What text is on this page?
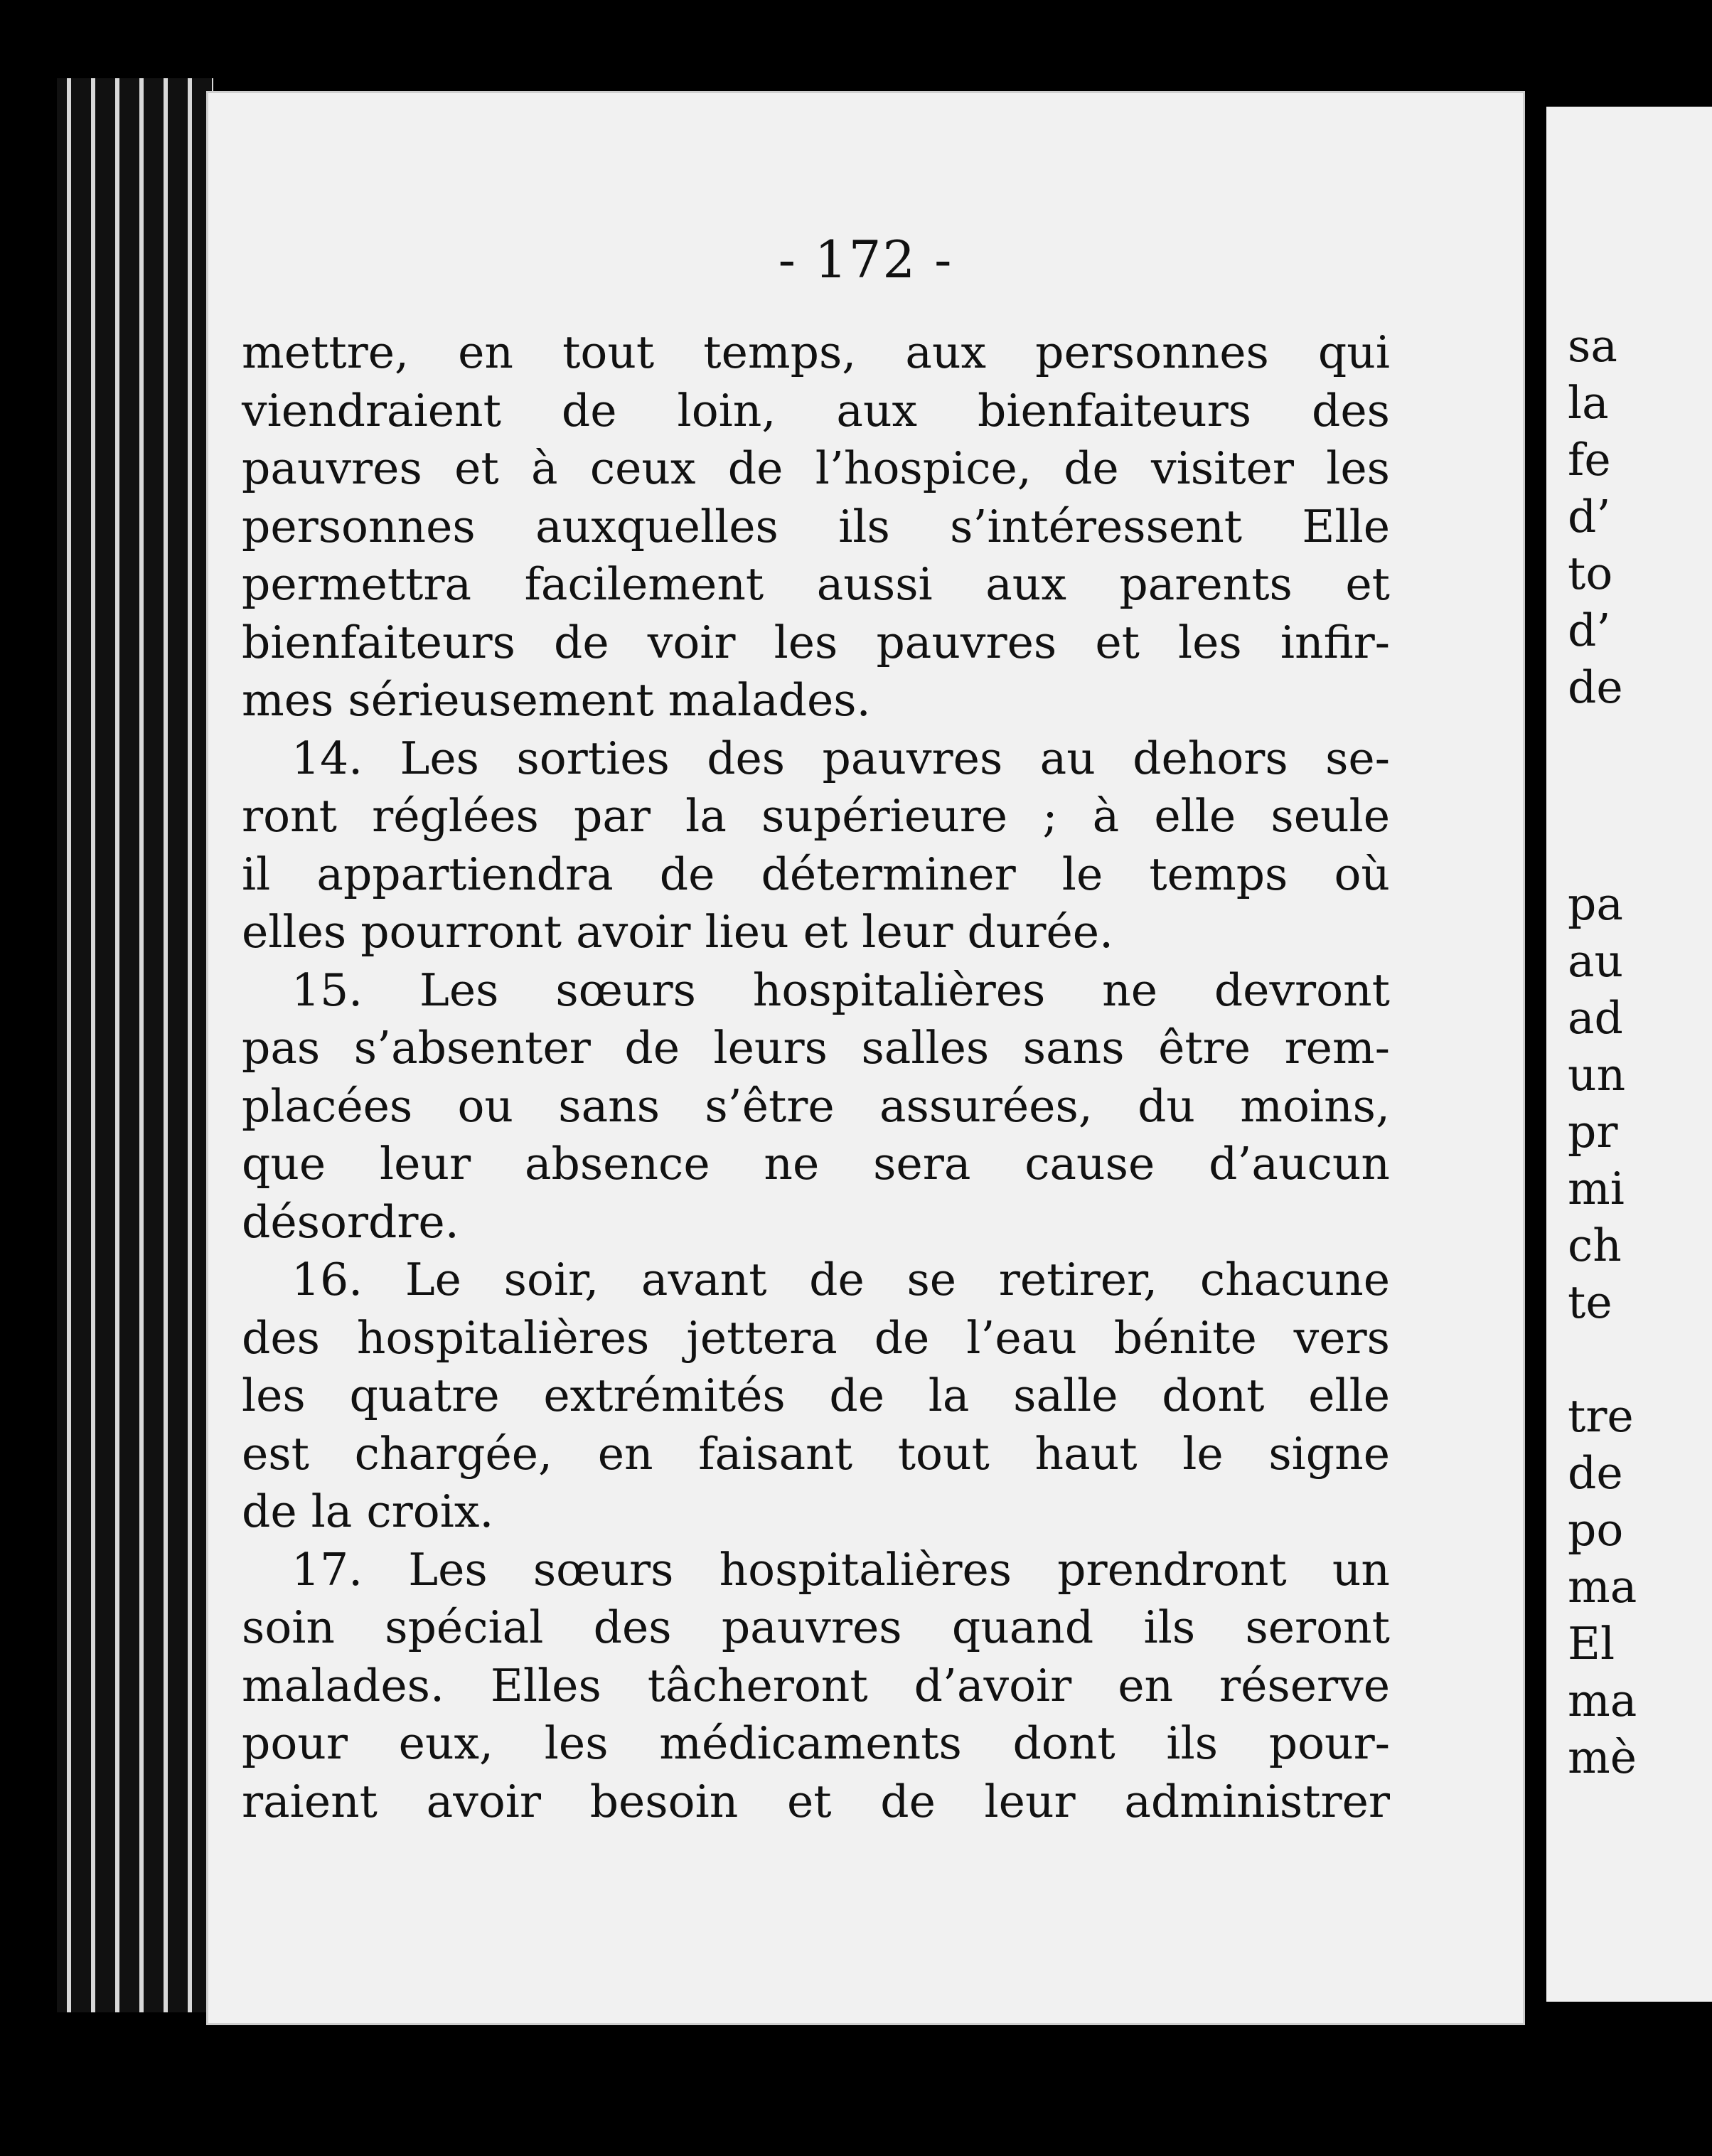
- 172 -
mettre, en tout temps, aux personnes qui
viendraient de loin, aux bienfaiteurs des
pauvres et à ceux de l’hospice, de visiter les
personnes auxquelles ils s’intéressent Elle
permettra facilement aussi aux parents et
bienfaiteurs de voir les pauvres et les infir-
mes sérieusement malades.
14. Les sorties des pauvres au dehors se-
ront réglées par la supérieure ; à elle seule
il appartiendra de déterminer le temps où
elles pourront avoir lieu et leur durée.
15. Les sœurs hospitalières ne devront
pas s’absenter de leurs salles sans être rem-
placées ou sans s’être assurées, du moins,
que leur absence ne sera cause d’aucun
désordre.
16. Le soir, avant de se retirer, chacune
des hospitalières jettera de l’eau bénite vers
les quatre extrémités de la salle dont elle
est chargée, en faisant tout haut le signe
de la croix.
17. Les sœurs hospitalières prendront un
soin spécial des pauvres quand ils seront
malades. Elles tâcheront d’avoir en réserve
pour eux, les médicaments dont ils pour-
raient avoir besoin et de leur administrer
sa
la
fe
d’
to
d’
de
pa
au
ad
un
pr
mi
ch
te
tre
de
po
ma
El
ma
mè
